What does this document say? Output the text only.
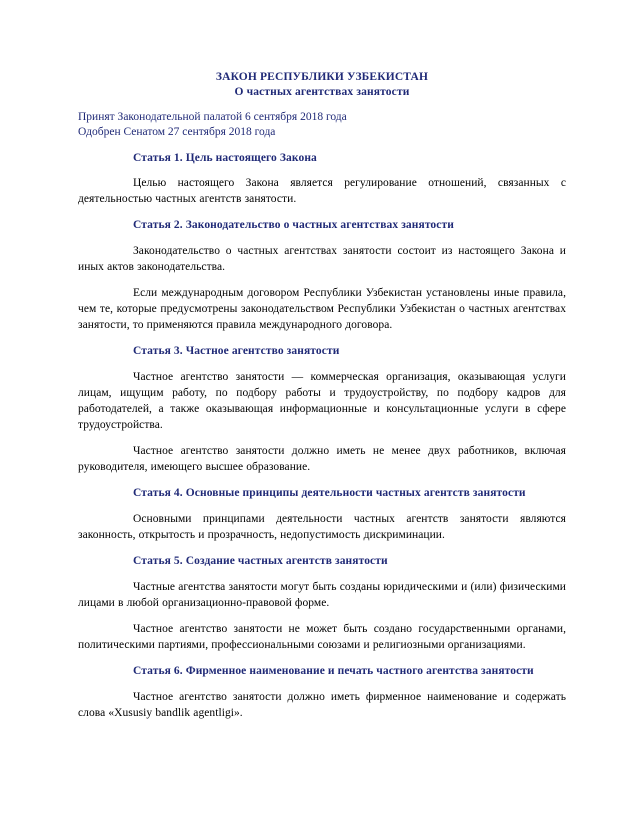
ЗАКОН РЕСПУБЛИКИ УЗБЕКИСТАН
О частных агентствах занятости
Принят Законодательной палатой 6 сентября 2018 года
Одобрен Сенатом 27 сентября 2018 года
Статья 1. Цель настоящего Закона

Целью настоящего Закона является регулирование отношений, связанных с деятельностью частных агентств занятости.

Статья 2. Законодательство о частных агентствах занятости

Законодательство о частных агентствах занятости состоит из настоящего Закона и иных актов законодательства.

Если международным договором Республики Узбекистан установлены иные правила, чем те, которые предусмотрены законодательством Республики Узбекистан о частных агентствах занятости, то применяются правила международного договора.

Статья 3. Частное агентство занятости

Частное агентство занятости — коммерческая организация, оказывающая услуги лицам, ищущим работу, по подбору работы и трудоустройству, по подбору кадров для работодателей, а также оказывающая информационные и консультационные услуги в сфере трудоустройства.

Частное агентство занятости должно иметь не менее двух работников, включая руководителя, имеющего высшее образование.

Статья 4. Основные принципы деятельности частных агентств занятости

Основными принципами деятельности частных агентств занятости являются законность, открытость и прозрачность, недопустимость дискриминации.

Статья 5. Создание частных агентств занятости

Частные агентства занятости могут быть созданы юридическими и (или) физическими лицами в любой организационно-правовой форме.

Частное агентство занятости не может быть создано государственными органами, политическими партиями, профессиональными союзами и религиозными организациями.

Статья 6. Фирменное наименование и печать частного агентства занятости

Частное агентство занятости должно иметь фирменное наименование и содержать слова «Xususiy bandlik agentligi».
